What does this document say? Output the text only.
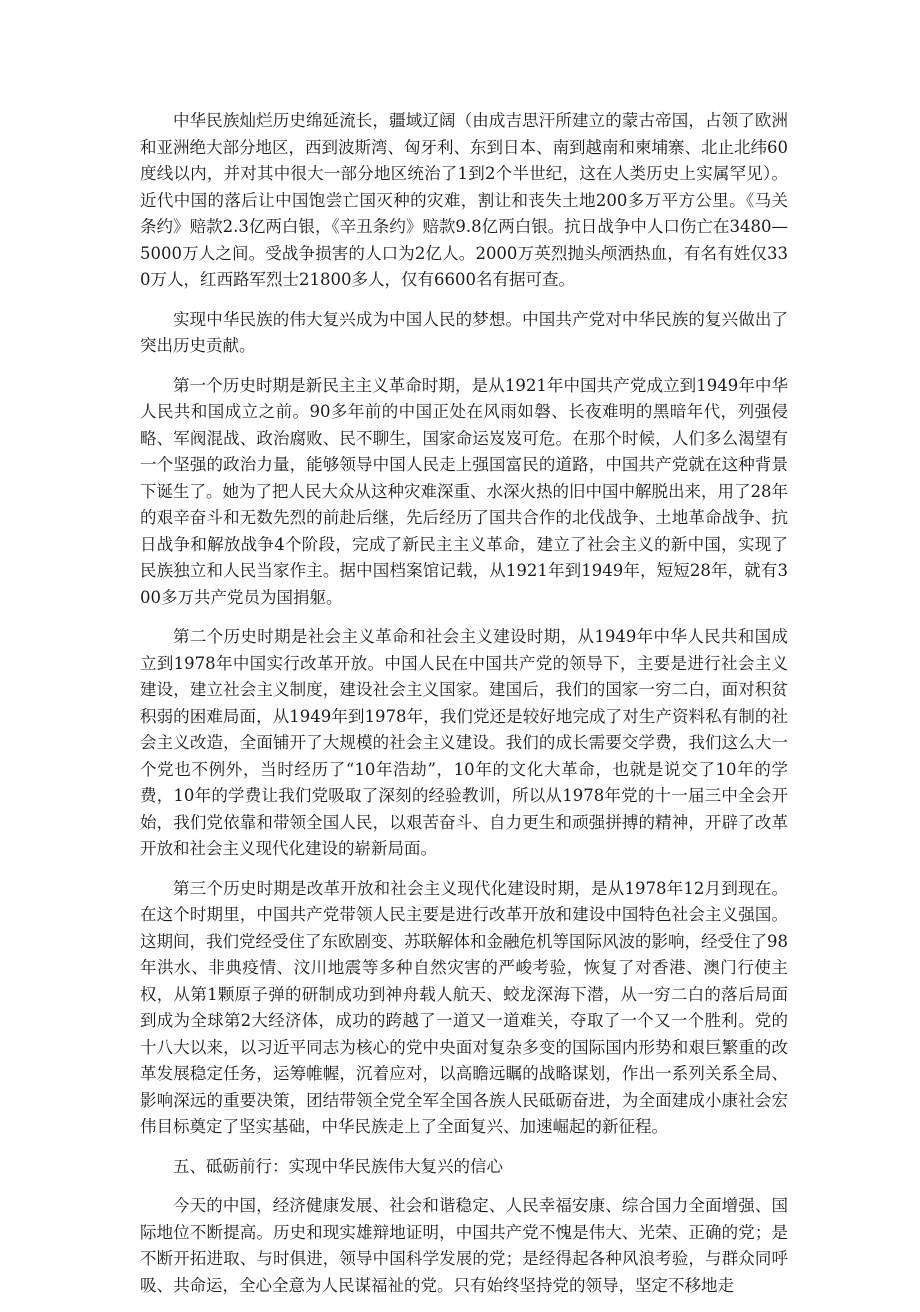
中华民族灿烂历史绵延流长，疆域辽阔（由成吉思汗所建立的蒙古帝国，占领了欧洲和亚洲绝大部分地区，西到波斯湾、匈牙利、东到日本、南到越南和柬埔寨、北止北纬60度线以内，并对其中很大一部分地区统治了1到2个半世纪，这在人类历史上实属罕见）。近代中国的落后让中国饱尝亡国灭种的灾难，割让和丧失土地200多万平方公里。《马关条约》赔款2.3亿两白银，《辛丑条约》赔款9.8亿两白银。抗日战争中人口伤亡在3480—5000万人之间。受战争损害的人口为2亿人。2000万英烈抛头颅洒热血，有名有姓仅330万人，红西路军烈士21800多人，仅有6600名有据可查。

实现中华民族的伟大复兴成为中国人民的梦想。中国共产党对中华民族的复兴做出了突出历史贡献。

第一个历史时期是新民主主义革命时期，是从1921年中国共产党成立到1949年中华人民共和国成立之前。90多年前的中国正处在风雨如磐、长夜难明的黑暗年代，列强侵略、军阀混战、政治腐败、民不聊生，国家命运岌岌可危。在那个时候，人们多么渴望有一个坚强的政治力量，能够领导中国人民走上强国富民的道路，中国共产党就在这种背景下诞生了。她为了把人民大众从这种灾难深重、水深火热的旧中国中解脱出来，用了28年的艰辛奋斗和无数先烈的前赴后继，先后经历了国共合作的北伐战争、土地革命战争、抗日战争和解放战争4个阶段，完成了新民主主义革命，建立了社会主义的新中国，实现了民族独立和人民当家作主。据中国档案馆记载，从1921年到1949年，短短28年，就有300多万共产党员为国捐躯。

第二个历史时期是社会主义革命和社会主义建设时期，从1949年中华人民共和国成立到1978年中国实行改革开放。中国人民在中国共产党的领导下，主要是进行社会主义建设，建立社会主义制度，建设社会主义国家。建国后，我们的国家一穷二白，面对积贫积弱的困难局面，从1949年到1978年，我们党还是较好地完成了对生产资料私有制的社会主义改造，全面铺开了大规模的社会主义建设。我们的成长需要交学费，我们这么大一个党也不例外，当时经历了“10年浩劫”，10年的文化大革命，也就是说交了10年的学费，10年的学费让我们党吸取了深刻的经验教训，所以从1978年党的十一届三中全会开始，我们党依靠和带领全国人民，以艰苦奋斗、自力更生和顽强拼搏的精神，开辟了改革开放和社会主义现代化建设的崭新局面。

第三个历史时期是改革开放和社会主义现代化建设时期，是从1978年12月到现在。在这个时期里，中国共产党带领人民主要是进行改革开放和建设中国特色社会主义强国。这期间，我们党经受住了东欧剧变、苏联解体和金融危机等国际风波的影响，经受住了98年洪水、非典疫情、汶川地震等多种自然灾害的严峻考验，恢复了对香港、澳门行使主权，从第1颗原子弹的研制成功到神舟载人航天、蛟龙深海下潜，从一穷二白的落后局面到成为全球第2大经济体，成功的跨越了一道又一道难关，夺取了一个又一个胜利。党的十八大以来，以习近平同志为核心的党中央面对复杂多变的国际国内形势和艰巨繁重的改革发展稳定任务，运筹帷幄，沉着应对，以高瞻远瞩的战略谋划，作出一系列关系全局、影响深远的重要决策，团结带领全党全军全国各族人民砥砺奋进，为全面建成小康社会宏伟目标奠定了坚实基础，中华民族走上了全面复兴、加速崛起的新征程。

五、砥砺前行：实现中华民族伟大复兴的信心

今天的中国，经济健康发展、社会和谐稳定、人民幸福安康、综合国力全面增强、国际地位不断提高。历史和现实雄辩地证明，中国共产党不愧是伟大、光荣、正确的党；是不断开拓进取、与时俱进，领导中国科学发展的党；是经得起各种风浪考验，与群众同呼吸、共命运，全心全意为人民谋福祉的党。只有始终坚持党的领导，坚定不移地走
